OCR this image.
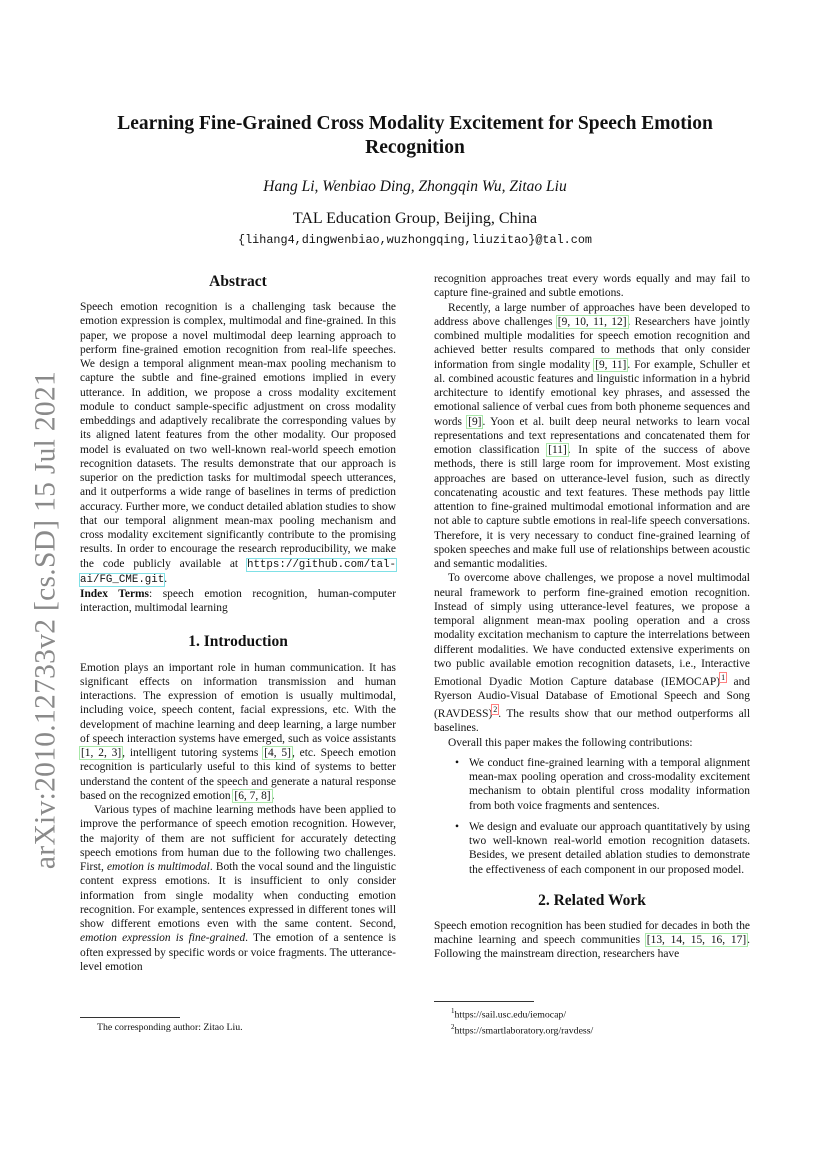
arXiv:2010.12733v2 [cs.SD] 15 Jul 2021
Learning Fine-Grained Cross Modality Excitement for Speech Emotion
Recognition
Hang Li, Wenbiao Ding, Zhongqin Wu, Zitao Liu
TAL Education Group, Beijing, China
{lihang4,dingwenbiao,wuzhongqing,liuzitao}@tal.com
Abstract

Speech emotion recognition is a challenging task because the emotion expression is complex, multimodal and fine-grained. In this paper, we propose a novel multimodal deep learning approach to perform fine-grained emotion recognition from real-life speeches. We design a temporal alignment mean-max pooling mechanism to capture the subtle and fine-grained emotions implied in every utterance. In addition, we propose a cross modality excitement module to conduct sample-specific adjustment on cross modality embeddings and adaptively recalibrate the corresponding values by its aligned latent features from the other modality. Our proposed model is evaluated on two well-known real-world speech emotion recognition datasets. The results demonstrate that our approach is superior on the prediction tasks for multimodal speech utterances, and it outperforms a wide range of baselines in terms of prediction accuracy. Further more, we conduct detailed ablation studies to show that our temporal alignment mean-max pooling mechanism and cross modality excitement significantly contribute to the promising results. In order to encourage the research reproducibility, we make the code publicly available at https://github.com/tal-ai/FG_CME.git.

Index Terms: speech emotion recognition, human-computer interaction, multimodal learning

1. Introduction

Emotion plays an important role in human communication. It has significant effects on information transmission and human interactions. The expression of emotion is usually multimodal, including voice, speech content, facial expressions, etc. With the development of machine learning and deep learning, a large number of speech interaction systems have emerged, such as voice assistants [1, 2, 3], intelligent tutoring systems [4, 5], etc. Speech emotion recognition is particularly useful to this kind of systems to better understand the content of the speech and generate a natural response based on the recognized emotion [6, 7, 8].

Various types of machine learning methods have been applied to improve the performance of speech emotion recognition. However, the majority of them are not sufficient for accurately detecting speech emotions from human due to the following two challenges. First, emotion is multimodal. Both the vocal sound and the linguistic content express emotions. It is insufficient to only consider information from single modality when conducting emotion recognition. For example, sentences expressed in different tones will show different emotions even with the same content. Second, emotion expression is fine-grained. The emotion of a sentence is often expressed by specific words or voice fragments. The utterance-level emotion

The corresponding author: Zitao Liu.

recognition approaches treat every words equally and may fail to capture fine-grained and subtle emotions.

Recently, a large number of approaches have been developed to address above challenges [9, 10, 11, 12]. Researchers have jointly combined multiple modalities for speech emotion recognition and achieved better results compared to methods that only consider information from single modality [9, 11]. For example, Schuller et al. combined acoustic features and linguistic information in a hybrid architecture to identify emotional key phrases, and assessed the emotional salience of verbal cues from both phoneme sequences and words [9]. Yoon et al. built deep neural networks to learn vocal representations and text representations and concatenated them for emotion classification [11]. In spite of the success of above methods, there is still large room for improvement. Most existing approaches are based on utterance-level fusion, such as directly concatenating acoustic and text features. These methods pay little attention to fine-grained multimodal emotional information and are not able to capture subtle emotions in real-life speech conversations. Therefore, it is very necessary to conduct fine-grained learning of spoken speeches and make full use of relationships between acoustic and semantic modalities.

To overcome above challenges, we propose a novel multimodal neural framework to perform fine-grained emotion recognition. Instead of simply using utterance-level features, we propose a temporal alignment mean-max pooling operation and a cross modality excitation mechanism to capture the interrelations between different modalities. We have conducted extensive experiments on two public available emotion recognition datasets, i.e., Interactive Emotional Dyadic Motion Capture database (IEMOCAP)$^1$ and Ryerson Audio-Visual Database of Emotional Speech and Song (RAVDESS)$^2$. The results show that our method outperforms all baselines.

Overall this paper makes the following contributions:

• We conduct fine-grained learning with a temporal alignment mean-max pooling operation and cross-modality excitement mechanism to obtain plentiful cross modality information from both voice fragments and sentences.
• We design and evaluate our approach quantitatively by using two well-known real-world emotion recognition datasets. Besides, we present detailed ablation studies to demonstrate the effectiveness of each component in our proposed model.
2. Related Work

Speech emotion recognition has been studied for decades in both the machine learning and speech communities [13, 14, 15, 16, 17]. Following the mainstream direction, researchers have

$^1$https://sail.usc.edu/iemocap/
$^2$https://smartlaboratory.org/ravdess/
